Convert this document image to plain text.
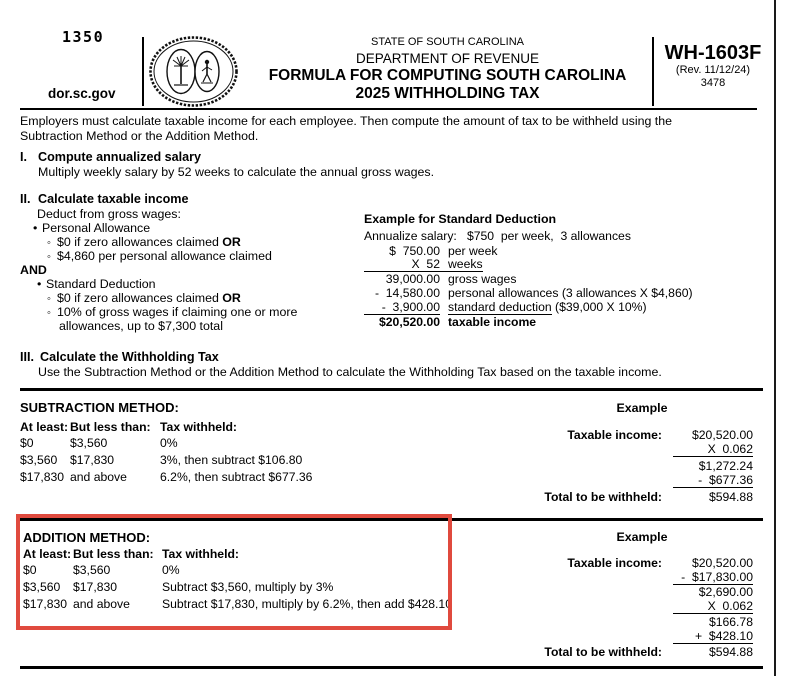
1350
dor.sc.gov
STATE OF SOUTH CAROLINA
DEPARTMENT OF REVENUE
FORMULA FOR COMPUTING SOUTH CAROLINA
2025 WITHHOLDING TAX
WH-1603F
(Rev. 11/12/24)
3478
Employers must calculate taxable income for each employee. Then compute the amount of tax to be withheld using the
Subtraction Method or the Addition Method.
I. Compute annualized salary
Multiply weekly salary by 52 weeks to calculate the annual gross wages.
II. Calculate taxable income
Deduct from gross wages:
• Personal Allowance
◦ $0 if zero allowances claimed OR
◦ $4,860 per personal allowance claimed
AND
• Standard Deduction
◦ $0 if zero allowances claimed OR
◦ 10% of gross wages if claiming one or more
allowances, up to $7,300 total
Example for Standard Deduction
Annualize salary:   $750  per week,  3 allowances
$  750.00 per week
X  52 weeks
39,000.00 gross wages
-  14,580.00 personal allowances (3 allowances X $4,860)
-  3,900.00 standard deduction ($39,000 X 10%)
$20,520.00 taxable income
III. Calculate the Withholding Tax
Use the Subtraction Method or the Addition Method to calculate the Withholding Tax based on the taxable income.
SUBTRACTION METHOD:
At least: But less than: Tax withheld:
$0	$3,560	0%
$3,560 $17,830	3%, then subtract $106.80
$17,830 and above	6.2%, then subtract $677.36
Example
Taxable income:	$20,520.00
X  0.062
$1,272.24
-  $677.36
Total to be withheld:	$594.88
ADDITION METHOD:
At least: But less than: Tax withheld:
$0	$3,560	0%
$3,560 $17,830	Subtract $3,560, multiply by 3%
$17,830 and above	Subtract $17,830, multiply by 6.2%, then add $428.10
Example
Taxable income:	$20,520.00
-  $17,830.00
$2,690.00
X  0.062
$166.78
+  $428.10
Total to be withheld:	$594.88
